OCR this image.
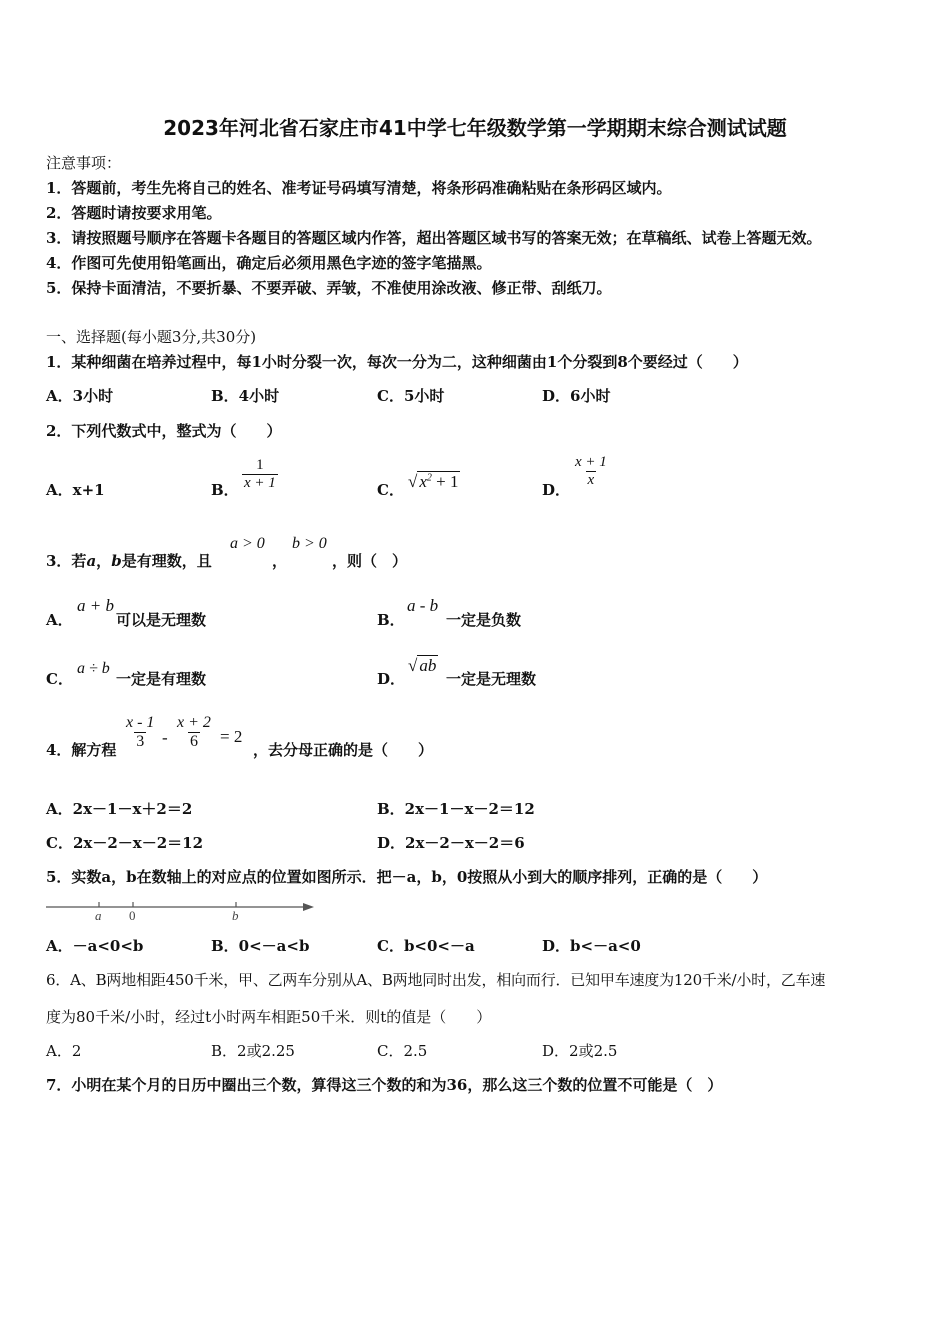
2023年河北省石家庄市41中学七年级数学第一学期期末综合测试试题
注意事项：
1．答题前，考生先将自己的姓名、准考证号码填写清楚，将条形码准确粘贴在条形码区域内。
2．答题时请按要求用笔。
3．请按照题号顺序在答题卡各题目的答题区域内作答，超出答题区域书写的答案无效；在草稿纸、试卷上答题无效。
4．作图可先使用铅笔画出，确定后必须用黑色字迹的签字笔描黑。
5．保持卡面清洁，不要折暴、不要弄破、弄皱，不准使用涂改液、修正带、刮纸刀。
一、选择题(每小题3分,共30分)
1．某种细菌在培养过程中，每1小时分裂一次，每次一分为二，这种细菌由1个分裂到8个要经过（　　）
A．3小时	B．4小时	C．5小时	D．6小时
2．下列代数式中，整式为（　　）
A．x+1	B． $\frac{1}{x + 1}$	C． √ $x^2 + 1$	D．
$\frac{x + 1}{x}$
3．若a，b是有理数，且
a > 0
，
b > 0
，则（　）
A．
a + b
可以是无理数	B．
a - b
一定是负数
C．
a ÷ b
一定是有理数	D．
√ ab
一定是无理数
4．解方程 $\frac{x - 1}{3} - \frac{x + 2}{6} = 2$
，去分母正确的是（　　）
A．2x－1－x＋2＝2	B．2x－1－x－2＝12
C．2x－2－x－2＝12	D．2x－2－x－2＝6
5．实数a，b在数轴上的对应点的位置如图所示．把－a，b，0按照从小到大的顺序排列，正确的是（　　）
a 0	b
A．－a<0<b	B．0<－a<b	C．b<0<－a	D．b<－a<0
6．A、B两地相距450千米，甲、乙两车分别从A、B两地同时出发，相向而行．已知甲车速度为120千米/小时，乙车速
度为80千米/小时，经过t小时两车相距50千米．则t的值是（　　）
A．2	B．2或2.25	C．2.5	D．2或2.5
7．小明在某个月的日历中圈出三个数，算得这三个数的和为36，那么这三个数的位置不可能是（　）
